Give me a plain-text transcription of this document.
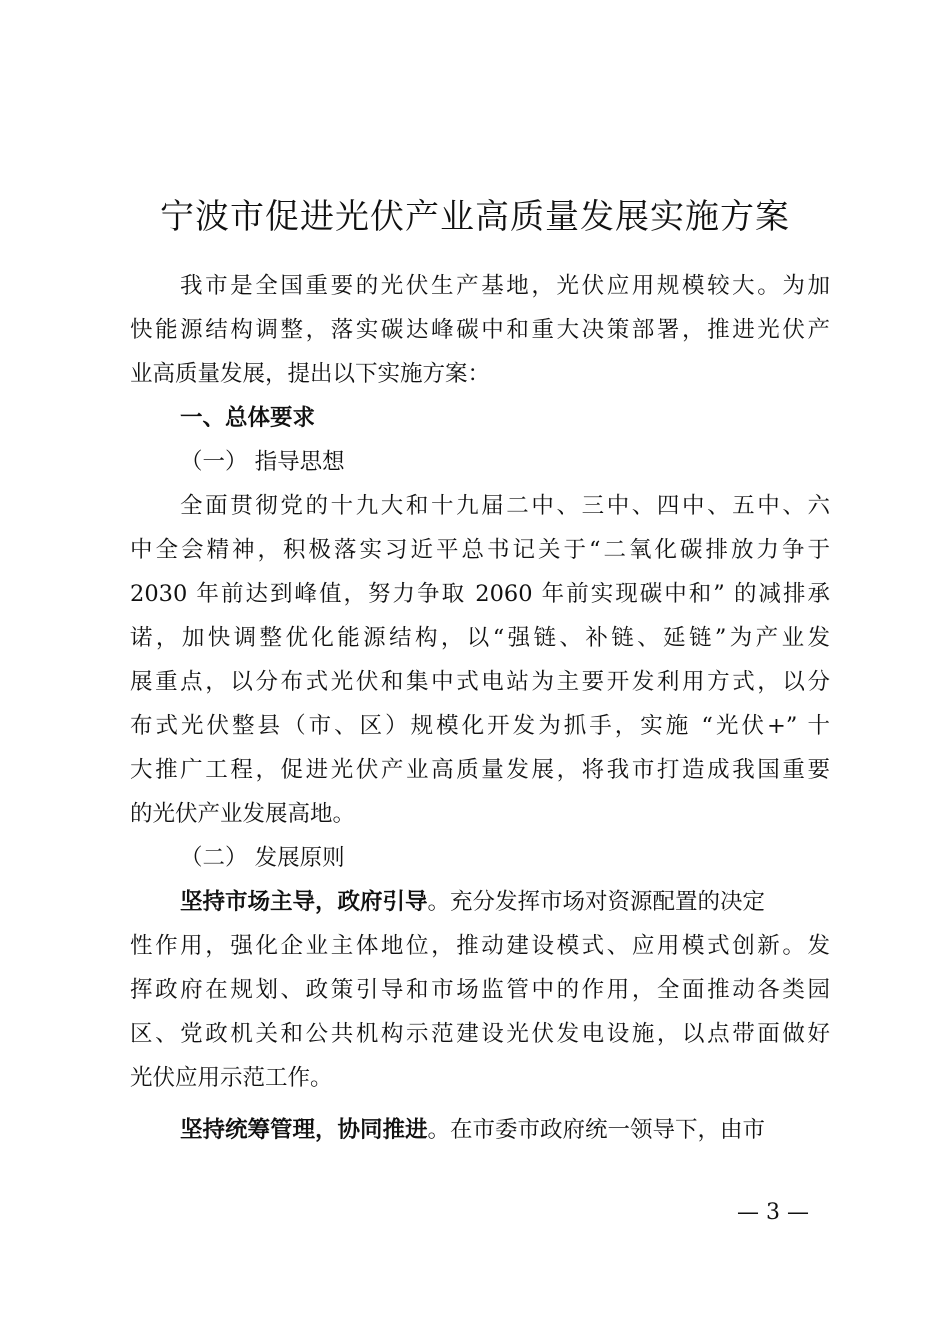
宁波市促进光伏产业高质量发展实施方案
我市是全国重要的光伏生产基地，光伏应用规模较大。为加
快能源结构调整，落实碳达峰碳中和重大决策部署，推进光伏产
业高质量发展，提出以下实施方案：
一、总体要求
（一） 指导思想
全面贯彻党的十九大和十九届二中、三中、四中、五中、六
中全会精神，积极落实习近平总书记关于“二氧化碳排放力争于
2030 年前达到峰值，努力争取 2060 年前实现碳中和” 的减排承
诺，加快调整优化能源结构，以“强链、补链、延链”为产业发
展重点，以分布式光伏和集中式电站为主要开发利用方式，以分
布式光伏整县（市、区）规模化开发为抓手，实施 “光伏+” 十
大推广工程，促进光伏产业高质量发展，将我市打造成我国重要
的光伏产业发展高地。
（二） 发展原则
坚持市场主导，政府引导。充分发挥市场对资源配置的决定
性作用，强化企业主体地位，推动建设模式、应用模式创新。发
挥政府在规划、政策引导和市场监管中的作用，全面推动各类园
区、党政机关和公共机构示范建设光伏发电设施，以点带面做好
光伏应用示范工作。
坚持统筹管理，协同推进。在市委市政府统一领导下，由市
— 3 —
